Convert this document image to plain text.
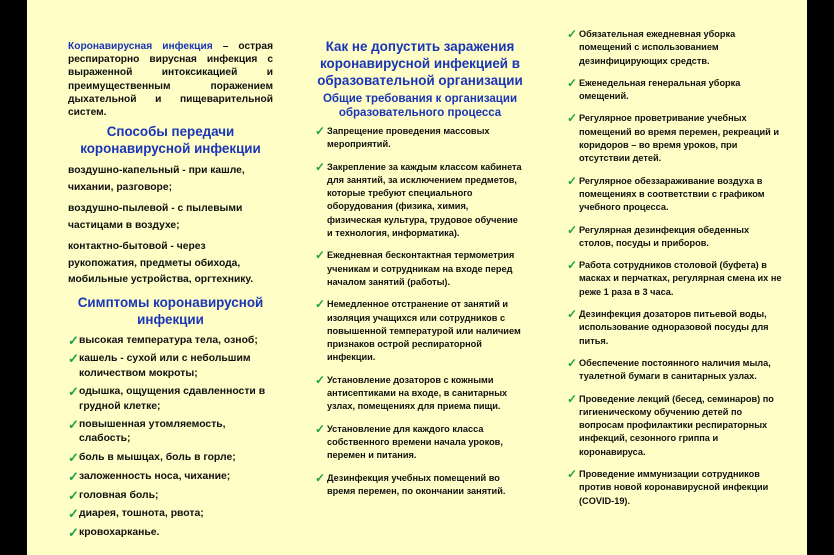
Коронавирусная инфекция – острая респираторно вирусная инфекция с выраженной интоксикацией и преимущественным поражением дыхательной и пищеварительной систем.

Способы передачи коронавирусной инфекции

воздушно-капельный - при кашле, чихании, разговоре;

воздушно-пылевой - с пылевыми частицами в воздухе;

контактно-бытовой - через рукопожатия, предметы обихода, мобильные устройства, оргтехнику.

Симптомы коронавирусной инфекции

✓ высокая температура тела, озноб;
✓ кашель - сухой или с небольшим количеством мокроты;
✓ одышка, ощущения сдавленности в грудной клетке;
✓ повышенная утомляемость, слабость;
✓ боль в мышцах, боль в горле;
✓ заложенность носа, чихание;
✓ головная боль;
✓ диарея, тошнота, рвота;
✓ кровохарканье.

Как не допустить заражения коронавирусной инфекцией в образовательной организации

Общие требования к организации образовательного процесса

✓ Запрещение проведения массовых мероприятий.
✓ Закрепление за каждым классом кабинета для занятий, за исключением предметов, которые требуют специального оборудования (физика, химия, физическая культура, трудовое обучение и технология, информатика).
✓ Ежедневная бесконтактная термометрия ученикам и сотрудникам на входе перед началом занятий (работы).
✓ Немедленное отстранение от занятий и изоляция учащихся или сотрудников с повышенной температурой или наличием признаков острой респираторной инфекции.
✓ Установление дозаторов с кожными антисептиками на входе, в санитарных узлах, помещениях для приема пищи.
✓ Установление для каждого класса собственного времени начала уроков, перемен и питания.
✓ Дезинфекция учебных помещений во время перемен, по окончании занятий.
✓ Обязательная ежедневная уборка помещений с использованием дезинфицирующих средств.
✓ Еженедельная генеральная уборка омещений.
✓ Регулярное проветривание учебных помещений во время перемен, рекреаций и коридоров – во время уроков, при отсутствии детей.
✓ Регулярное обеззараживание воздуха в помещениях в соответствии с графиком учебного процесса.
✓ Регулярная дезинфекция обеденных столов, посуды и приборов.
✓ Работа сотрудников столовой (буфета) в масках и перчатках, регулярная смена их не реже 1 раза в 3 часа.
✓ Дезинфекция дозаторов питьевой воды, использование одноразовой посуды для питья.
✓ Обеспечение постоянного наличия мыла, туалетной бумаги в санитарных узлах.
✓ Проведение лекций (бесед, семинаров) по гигиеническому обучению детей по вопросам профилактики респираторных инфекций, сезонного гриппа и коронавируса.
✓ Проведение иммунизации сотрудников против новой коронавирусной инфекции (COVID-19).
